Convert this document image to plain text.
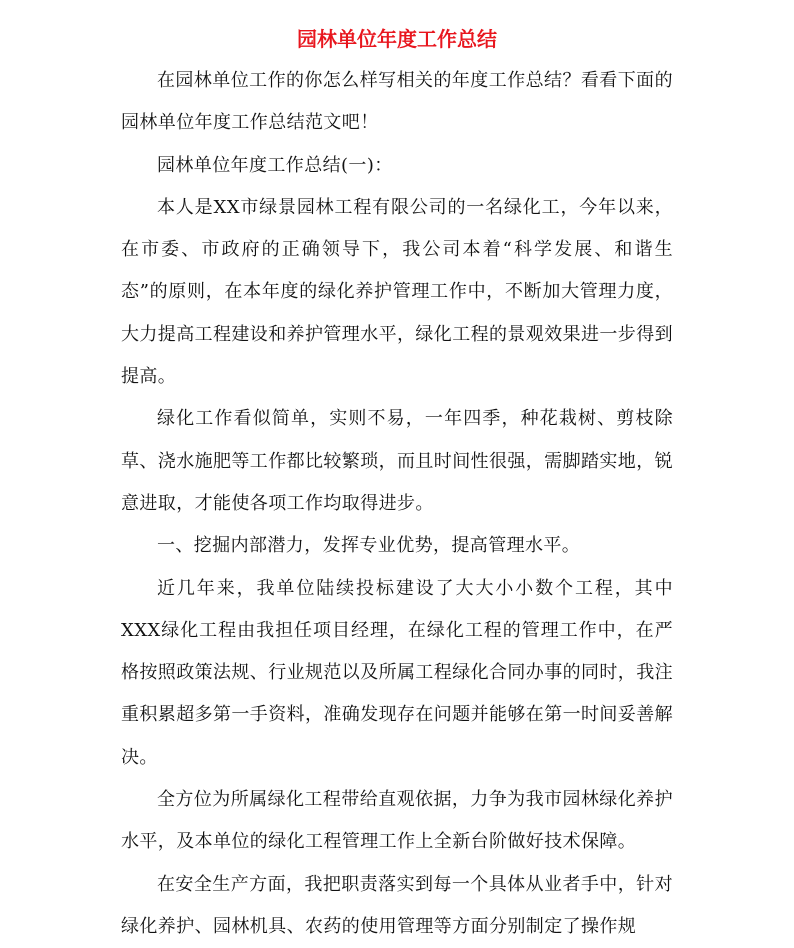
园林单位年度工作总结

在园林单位工作的你怎么样写相关的年度工作总结？看看下面的园林单位年度工作总结范文吧！

园林单位年度工作总结(一)：

本人是XX市绿景园林工程有限公司的一名绿化工，今年以来，在市委、市政府的正确领导下，我公司本着“科学发展、和谐生态”的原则，在本年度的绿化养护管理工作中，不断加大管理力度，大力提高工程建设和养护管理水平，绿化工程的景观效果进一步得到提高。

绿化工作看似简单，实则不易，一年四季，种花栽树、剪枝除草、浇水施肥等工作都比较繁琐，而且时间性很强，需脚踏实地，锐意进取，才能使各项工作均取得进步。

一、挖掘内部潜力，发挥专业优势，提高管理水平。

近几年来，我单位陆续投标建设了大大小小数个工程，其中XXX绿化工程由我担任项目经理，在绿化工程的管理工作中，在严格按照政策法规、行业规范以及所属工程绿化合同办事的同时，我注重积累超多第一手资料，准确发现存在问题并能够在第一时间妥善解决。

全方位为所属绿化工程带给直观依据，力争为我市园林绿化养护水平，及本单位的绿化工程管理工作上全新台阶做好技术保障。

在安全生产方面，我把职责落实到每一个具体从业者手中，针对绿化养护、园林机具、农药的使用管理等方面分别制定了操作规
